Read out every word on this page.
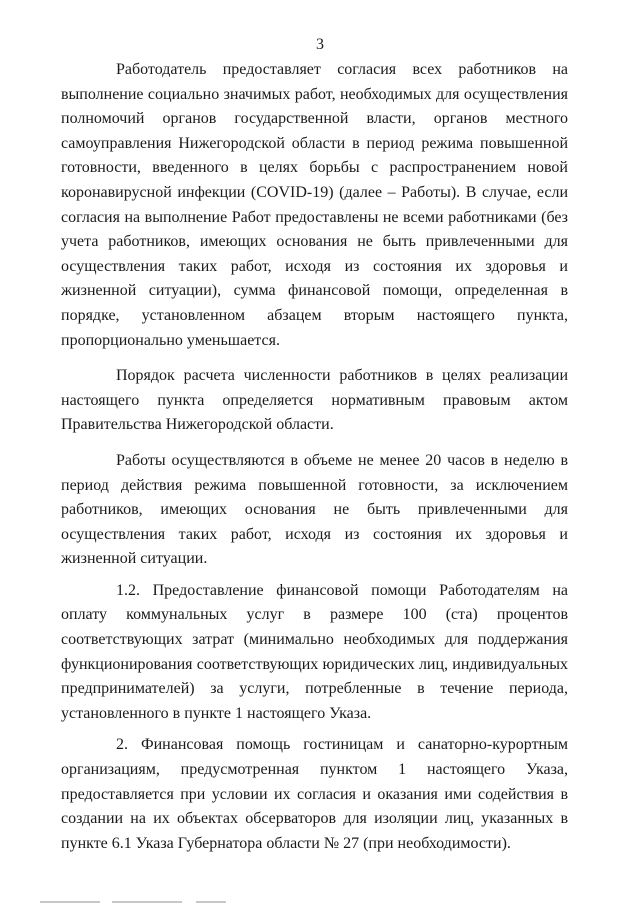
3

Работодатель предоставляет согласия всех работников на выполнение социально значимых работ, необходимых для осуществления полномочий органов государственной власти, органов местного самоуправления Нижегородской области в период режима повышенной готовности, введенного в целях борьбы с распространением новой коронавирусной инфекции (COVID-19) (далее – Работы). В случае, если согласия на выполнение Работ предоставлены не всеми работниками (без учета работников, имеющих основания не быть привлеченными для осуществления таких работ, исходя из состояния их здоровья и жизненной ситуации), сумма финансовой помощи, определенная в порядке, установленном абзацем вторым настоящего пункта, пропорционально уменьшается.

Порядок расчета численности работников в целях реализации настоящего пункта определяется нормативным правовым актом Правительства Нижегородской области.

Работы осуществляются в объеме не менее 20 часов в неделю в период действия режима повышенной готовности, за исключением работников, имеющих основания не быть привлеченными для осуществления таких работ, исходя из состояния их здоровья и жизненной ситуации.

1.2. Предоставление финансовой помощи Работодателям на оплату коммунальных услуг в размере 100 (ста) процентов соответствующих затрат (минимально необходимых для поддержания функционирования соответствующих юридических лиц, индивидуальных предпринимателей) за услуги, потребленные в течение периода, установленного в пункте 1 настоящего Указа.

2. Финансовая помощь гостиницам и санаторно-курортным организациям, предусмотренная пунктом 1 настоящего Указа, предоставляется при условии их согласия и оказания ими содействия в создании на их объектах обсерваторов для изоляции лиц, указанных в пункте 6.1 Указа Губернатора области № 27 (при необходимости).
